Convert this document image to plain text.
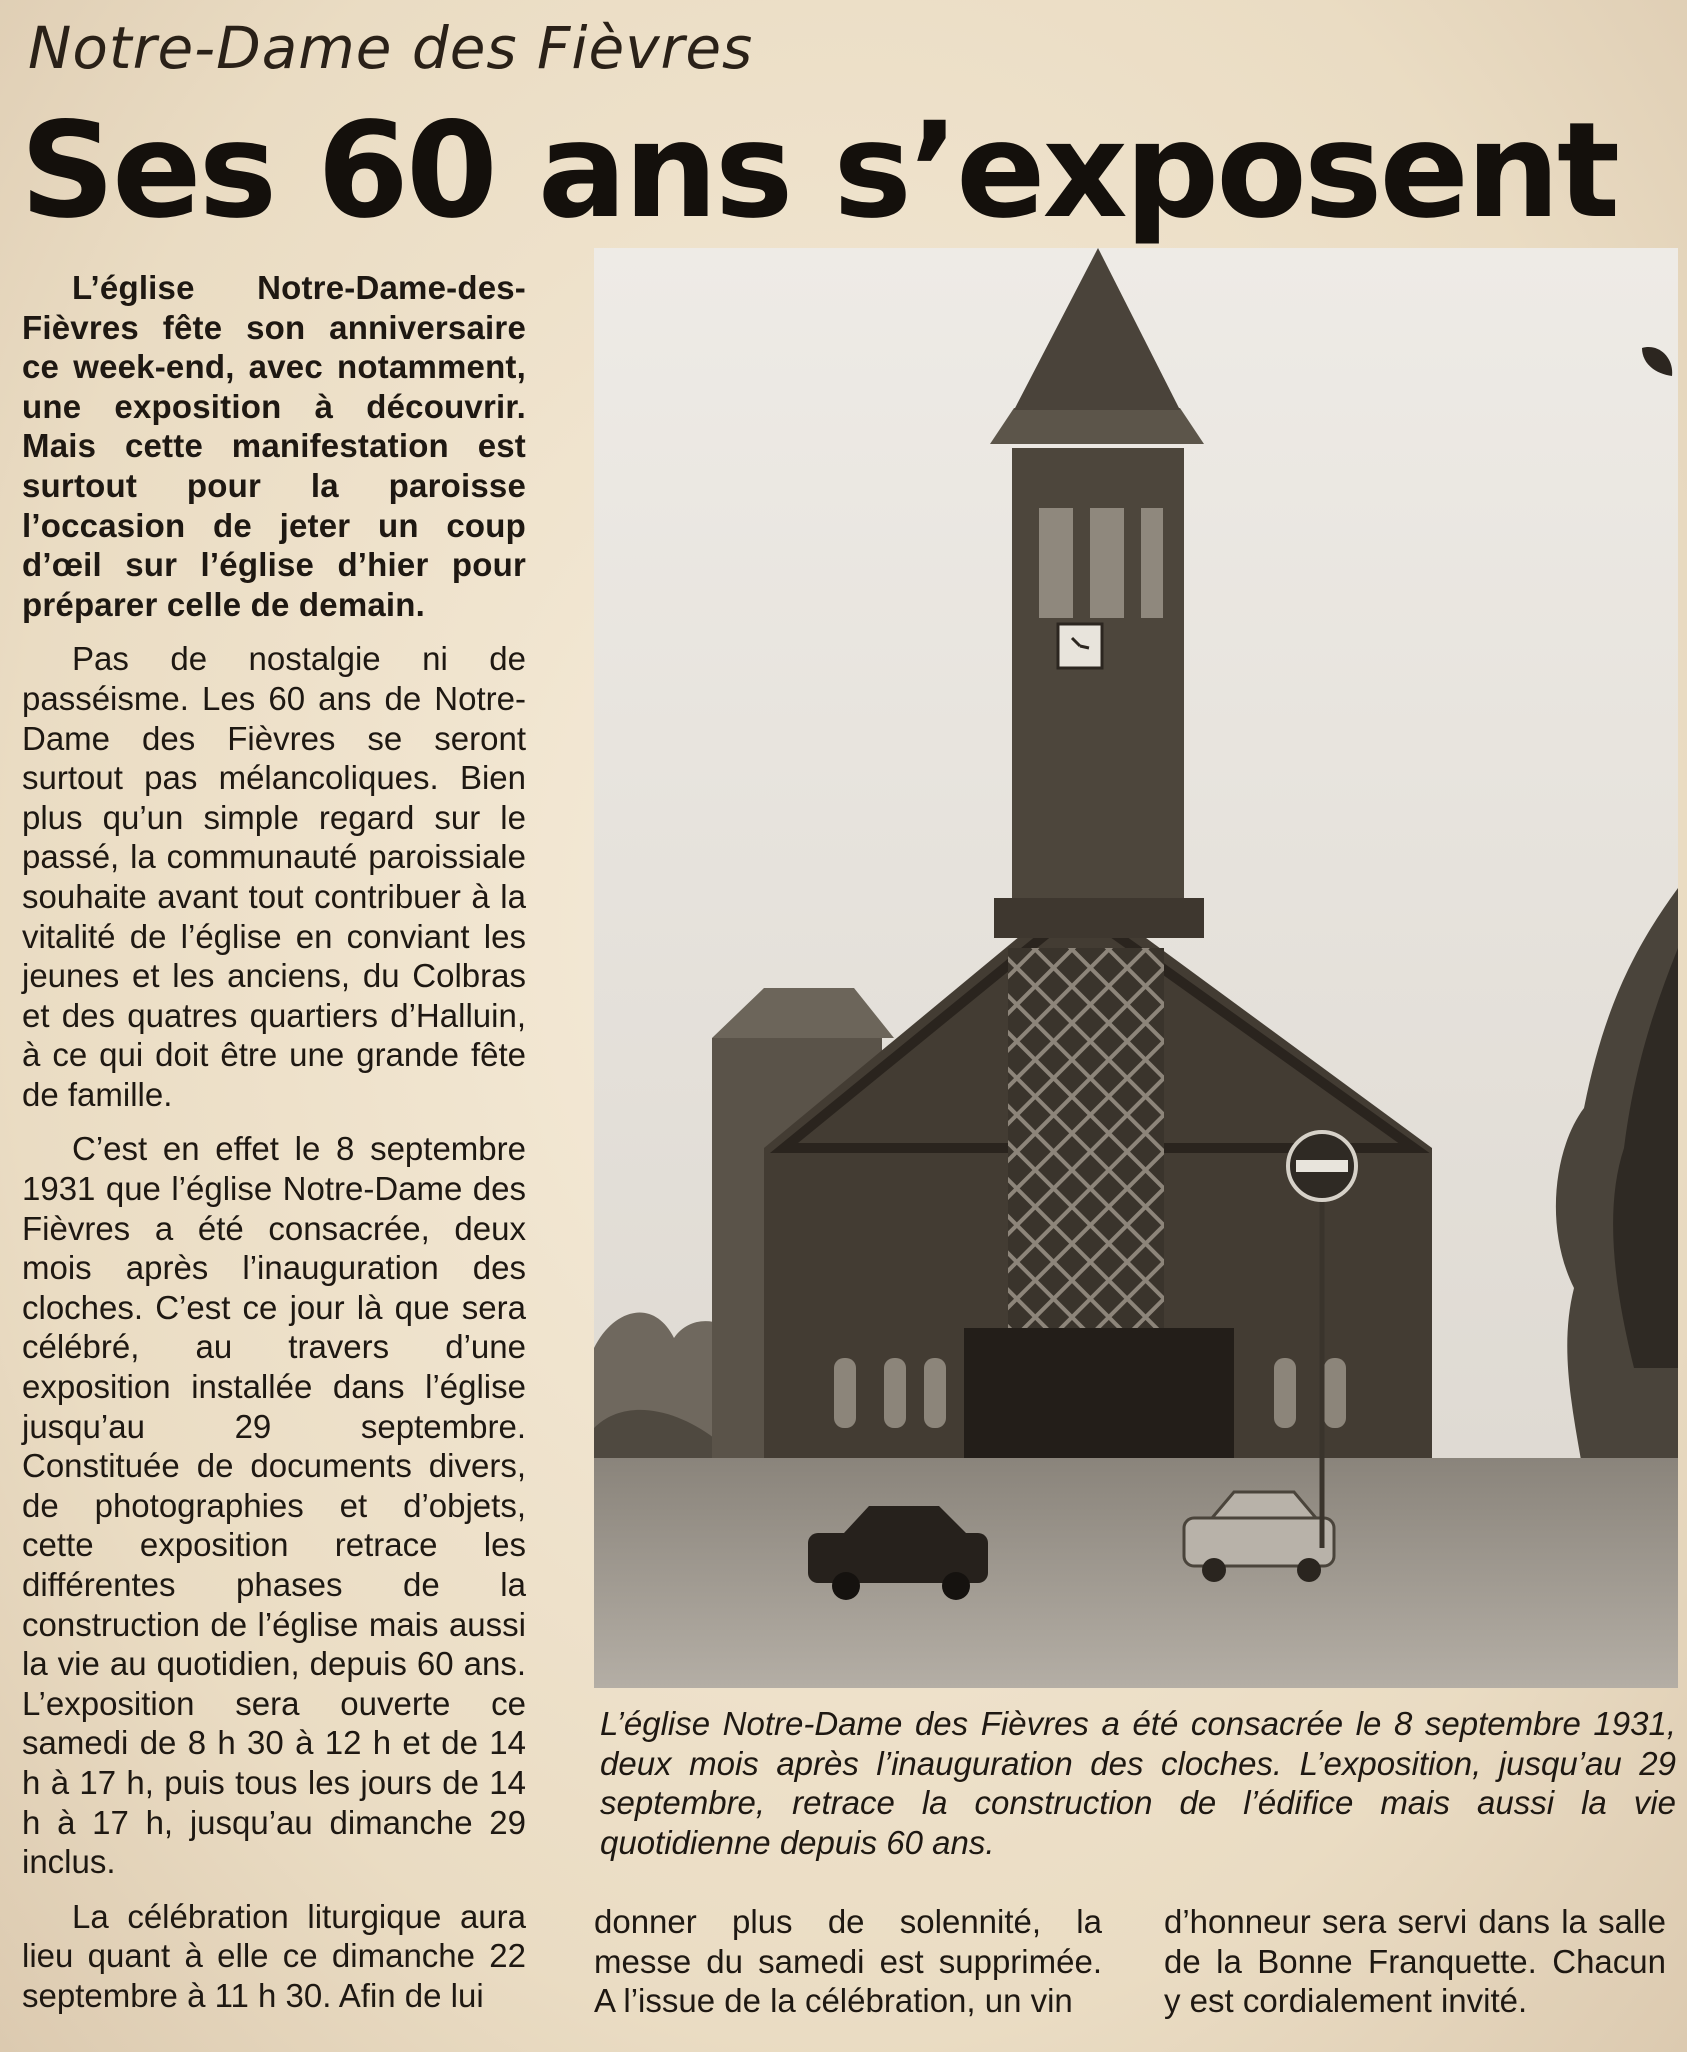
Notre-Dame des Fièvres
Ses 60 ans s’exposent

L’église Notre-Dame-des-Fièvres fête son anniversaire ce week-end, avec notamment, une exposition à découvrir. Mais cette manifestation est surtout pour la paroisse l’occasion de jeter un coup d’œil sur l’église d’hier pour préparer celle de demain.

Pas de nostalgie ni de passéisme. Les 60 ans de Notre-Dame des Fièvres se seront surtout pas mélancoliques. Bien plus qu’un simple regard sur le passé, la communauté paroissiale souhaite avant tout contribuer à la vitalité de l’église en conviant les jeunes et les anciens, du Colbras et des quatres quartiers d’Halluin, à ce qui doit être une grande fête de famille.

C’est en effet le 8 septembre 1931 que l’église Notre-Dame des Fièvres a été consacrée, deux mois après l’inauguration des cloches. C’est ce jour là que sera célébré, au travers d’une exposition installée dans l’église jusqu’au 29 septembre. Constituée de documents divers, de photographies et d’objets, cette exposition retrace les différentes phases de la construction de l’église mais aussi la vie au quotidien, depuis 60 ans. L’exposition sera ouverte ce samedi de 8 h 30 à 12 h et de 14 h à 17 h, puis tous les jours de 14 h à 17 h, jusqu’au dimanche 29 inclus.

La célébration liturgique aura lieu quant à elle ce dimanche 22 septembre à 11 h 30. Afin de lui

L’église Notre-Dame des Fièvres a été consacrée le 8 septembre 1931, deux mois après l’inauguration des cloches. L’exposition, jusqu’au 29 septembre, retrace la construction de l’édifice mais aussi la vie quotidienne depuis 60 ans.

donner plus de solennité, la messe du samedi est supprimée. A l’issue de la célébration, un vin

d’honneur sera servi dans la salle de la Bonne Franquette. Chacun y est cordialement invité.
